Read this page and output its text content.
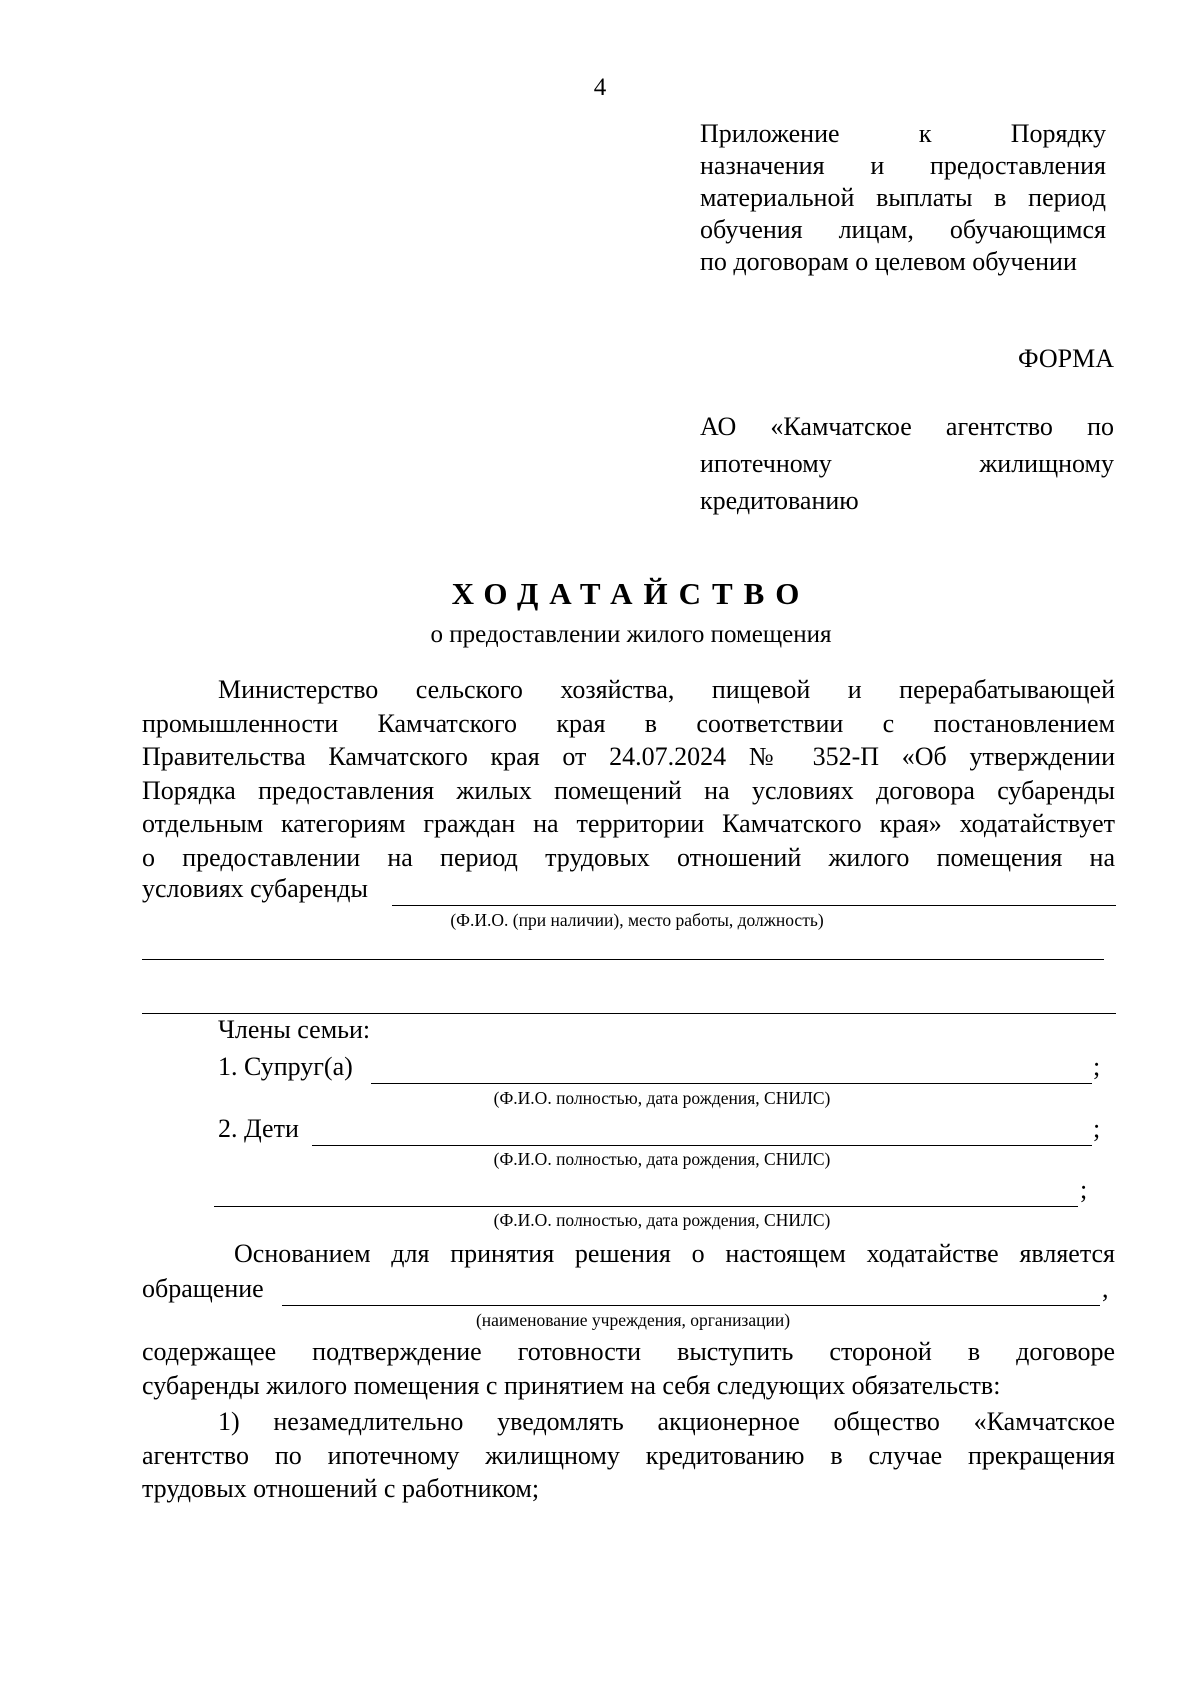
4
Приложение к Порядку
назначения и предоставления
материальной выплаты в период
обучения лицам, обучающимся
по договорам о целевом обучении
ФОРМА
АО «Камчатское агентство по
ипотечному жилищному
кредитованию
ХОДАТАЙСТВО
о предоставлении жилого помещения
Министерство сельского хозяйства, пищевой и перерабатывающей
промышленности Камчатского края в соответствии с постановлением
Правительства Камчатского края от 24.07.2024 № 352-П «Об утверждении
Порядка предоставления жилых помещений на условиях договора субаренды
отдельным категориям граждан на территории Камчатского края» ходатайствует
о предоставлении на период трудовых отношений жилого помещения на
условиях субаренды
(Ф.И.О. (при наличии), место работы, должность)
Члены семьи:
1. Супруг(а)	;
(Ф.И.О. полностью, дата рождения, СНИЛС)
2. Дети	;
(Ф.И.О. полностью, дата рождения, СНИЛС)
;
(Ф.И.О. полностью, дата рождения, СНИЛС)
Основанием для принятия решения о настоящем ходатайстве является
обращение	,
(наименование учреждения, организации)
содержащее подтверждение готовности выступить стороной в договоре
субаренды жилого помещения с принятием на себя следующих обязательств:
1) незамедлительно уведомлять акционерное общество «Камчатское
агентство по ипотечному жилищному кредитованию в случае прекращения
трудовых отношений с работником;
